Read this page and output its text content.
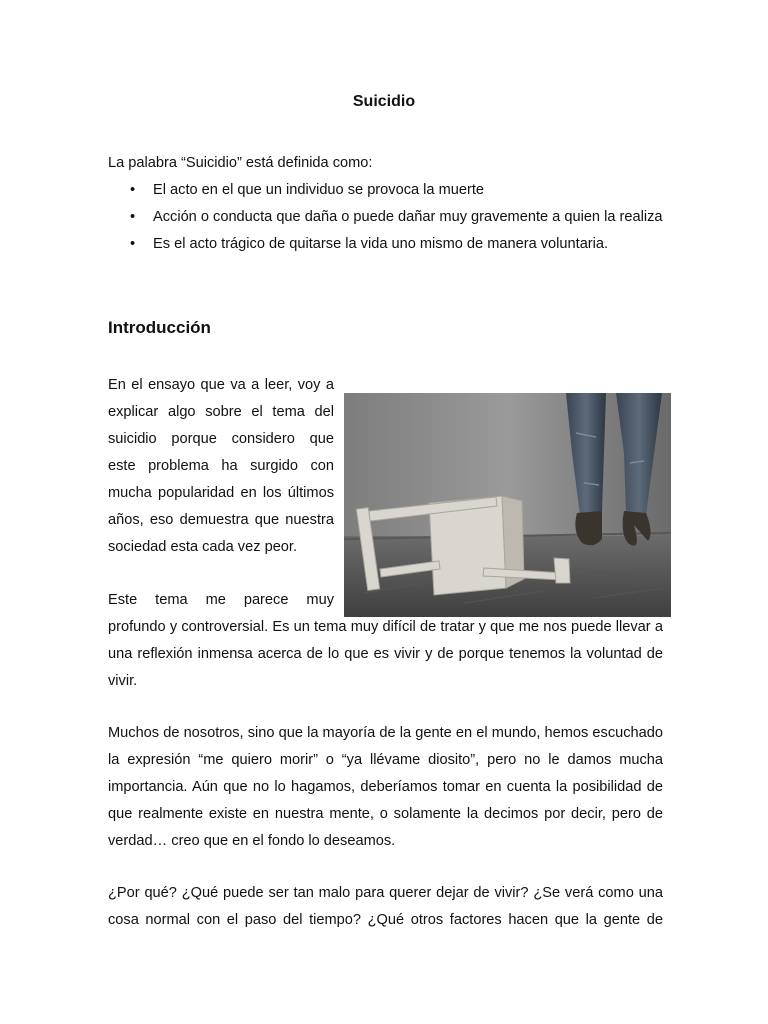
Suicidio

La palabra “Suicidio” está definida como:

• El acto en el que un individuo se provoca la muerte
• Acción o conducta que daña o puede dañar muy gravemente a quien la realiza
• Es el acto trágico de quitarse la vida uno mismo de manera voluntaria.
Introducción
En el ensayo que va a leer, voy a
explicar algo sobre el tema del
suicidio porque considero que
este problema ha surgido con
mucha popularidad en los últimos
años, eso demuestra que nuestra
sociedad esta cada vez peor.
Este tema me parece muy

profundo y controversial. Es un tema muy difícil de tratar y que me nos puede llevar a una reflexión inmensa acerca de lo que es vivir y de porque tenemos la voluntad de vivir.

Muchos de nosotros, sino que la mayoría de la gente en el mundo, hemos escuchado la expresión “me quiero morir” o “ya llévame diosito”, pero no le damos mucha importancia. Aún que no lo hagamos, deberíamos tomar en cuenta la posibilidad de que realmente existe en nuestra mente, o solamente la decimos por decir, pero de verdad… creo que en el fondo lo deseamos.

¿Por qué? ¿Qué puede ser tan malo para querer dejar de vivir? ¿Se verá como una cosa normal con el paso del tiempo? ¿Qué otros factores hacen que la gente de
